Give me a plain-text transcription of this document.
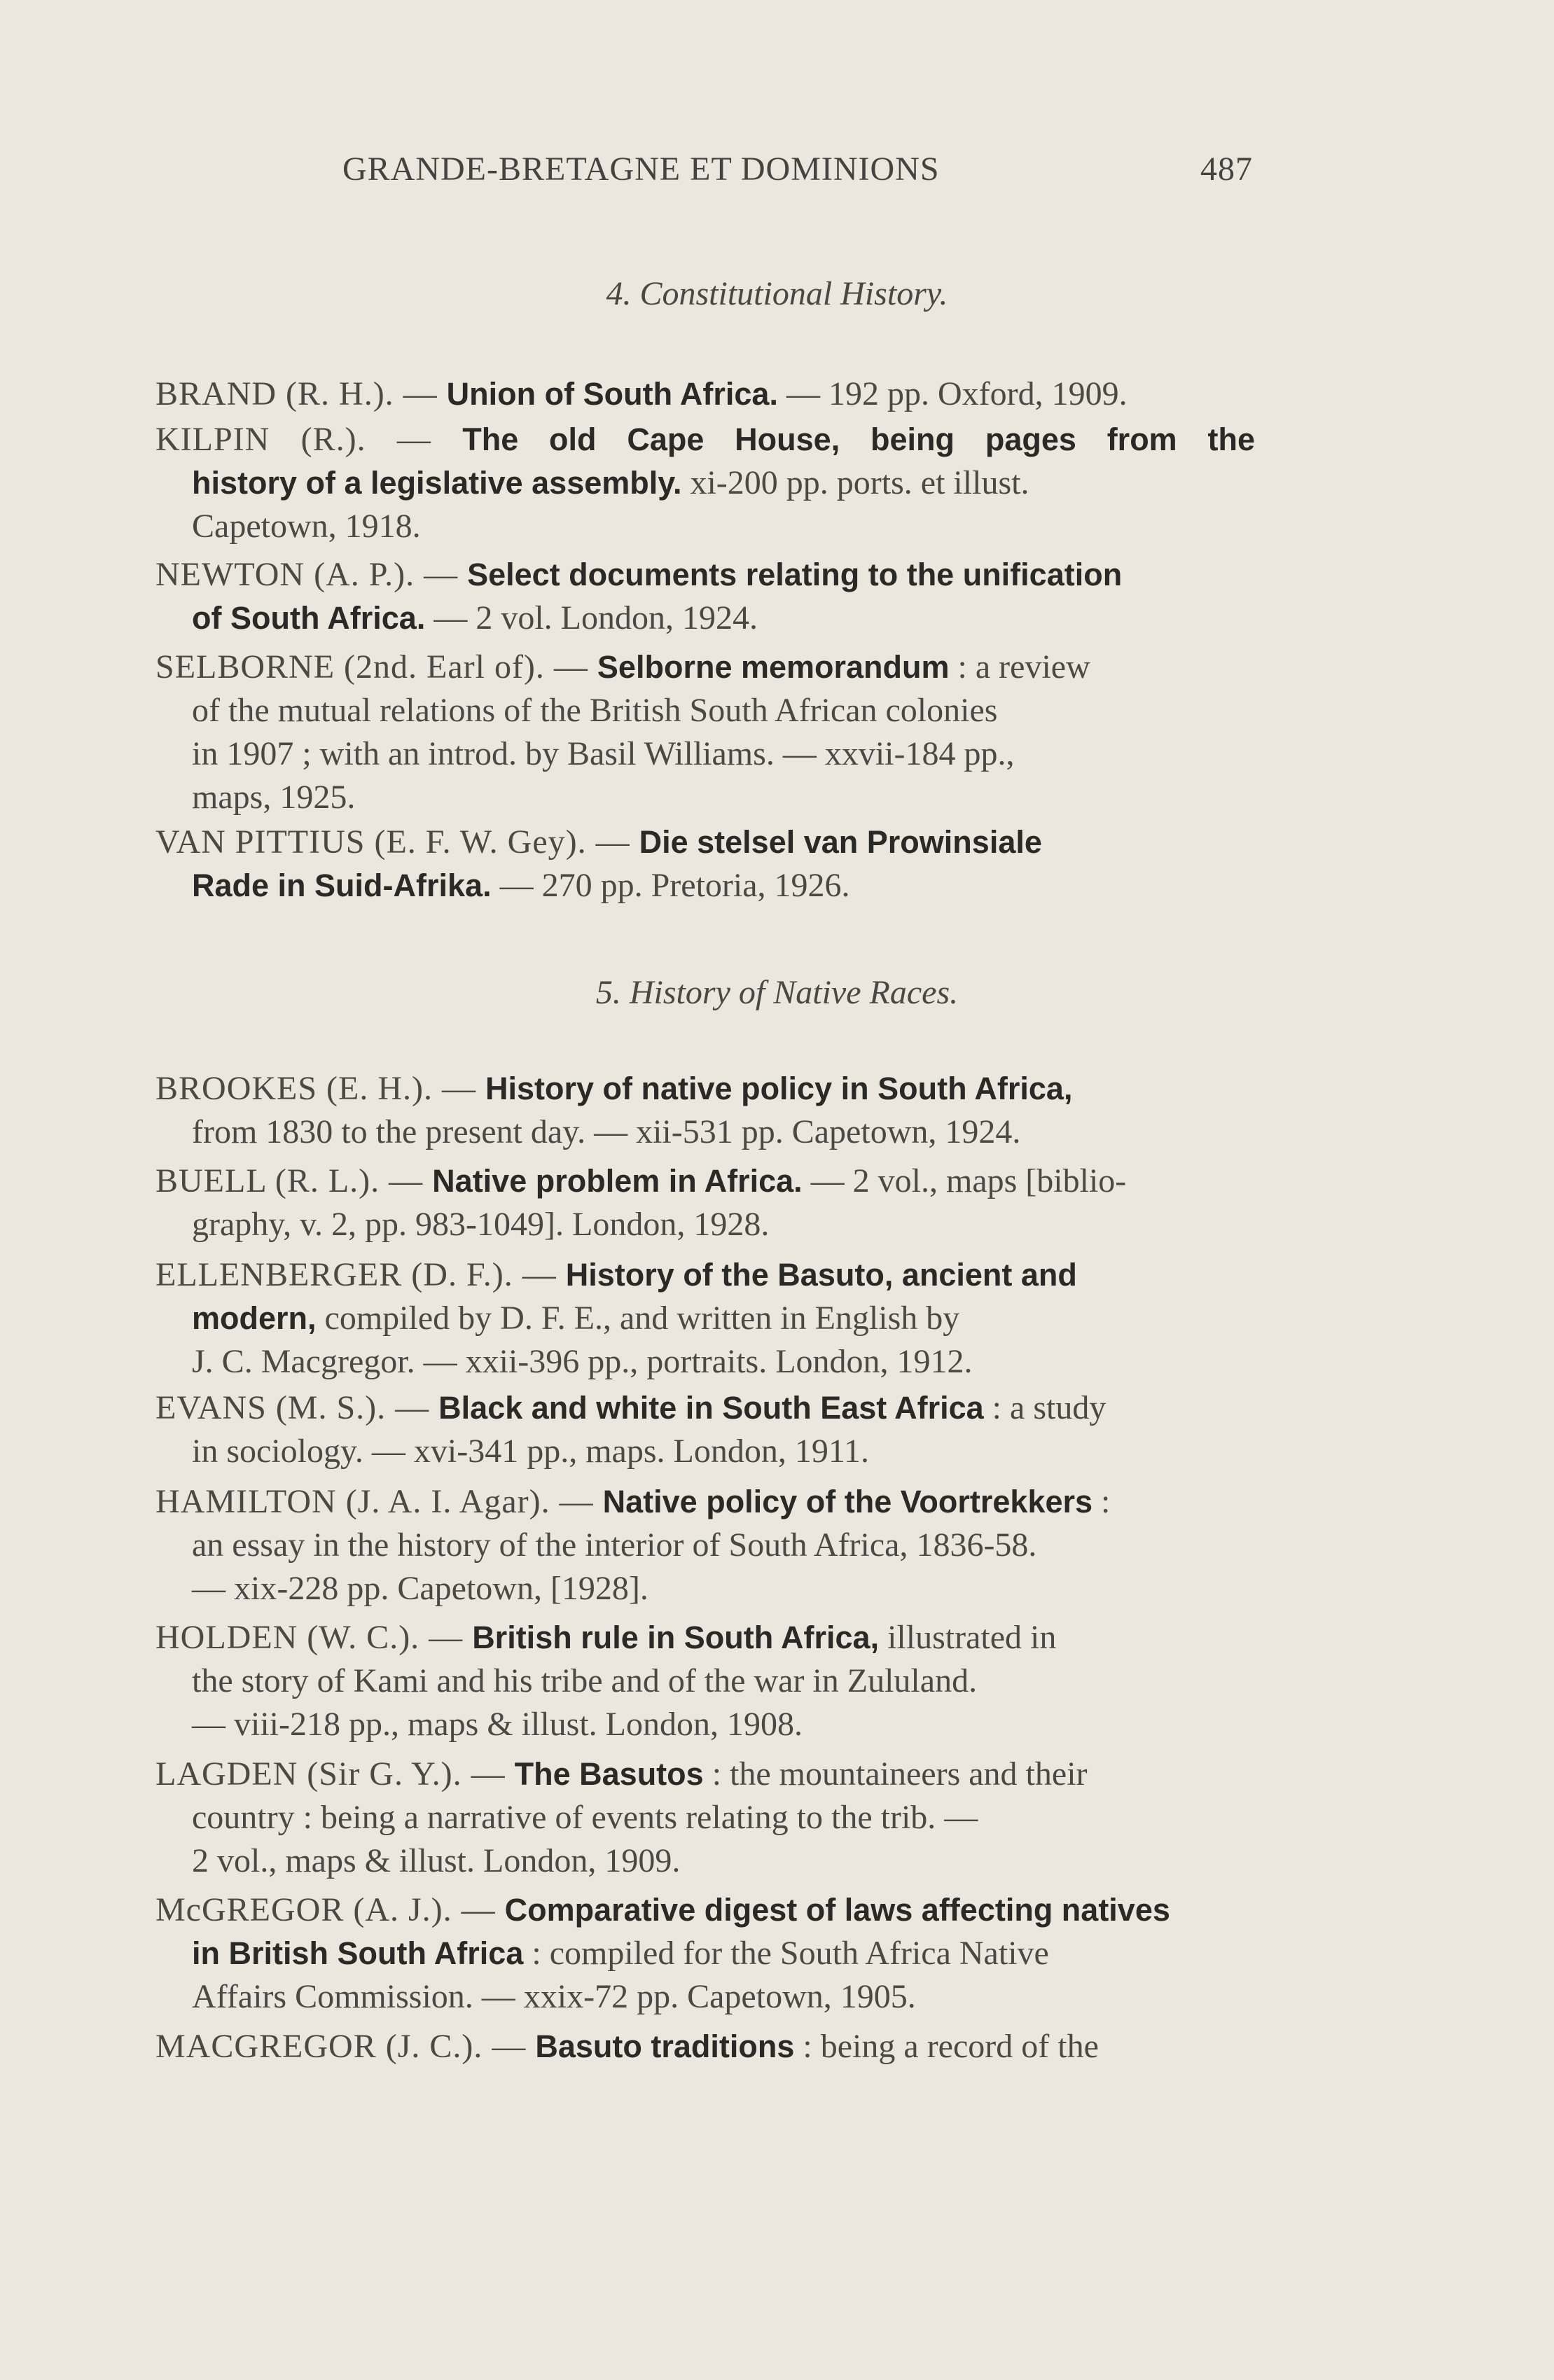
GRANDE-BRETAGNE ET DOMINIONS	487
4. Constitutional History.
BRAND (R. H.). — Union of South Africa. — 192 pp. Oxford, 1909.
KILPIN (R.). — The old Cape House, being pages from the
history of a legislative assembly. xi-200 pp. ports. et illust.
Capetown, 1918.
NEWTON (A. P.). — Select documents relating to the unification
of South Africa. — 2 vol. London, 1924.
SELBORNE (2nd. Earl of). — Selborne memorandum : a review
of the mutual relations of the British South African colonies
in 1907 ; with an introd. by Basil Williams. — xxvii-184 pp.,
maps, 1925.
VAN PITTIUS (E. F. W. Gey). — Die stelsel van Prowinsiale
Rade in Suid-Afrika. — 270 pp. Pretoria, 1926.
5. History of Native Races.
BROOKES (E. H.). — History of native policy in South Africa,
from 1830 to the present day. — xii-531 pp. Capetown, 1924.
BUELL (R. L.). — Native problem in Africa. — 2 vol., maps [biblio-
graphy, v. 2, pp. 983-1049]. London, 1928.
ELLENBERGER (D. F.). — History of the Basuto, ancient and
modern, compiled by D. F. E., and written in English by
J. C. Macgregor. — xxii-396 pp., portraits. London, 1912.
EVANS (M. S.). — Black and white in South East Africa : a study
in sociology. — xvi-341 pp., maps. London, 1911.
HAMILTON (J. A. I. Agar). — Native policy of the Voortrekkers :
an essay in the history of the interior of South Africa, 1836-58.
— xix-228 pp. Capetown, [1928].
HOLDEN (W. C.). — British rule in South Africa, illustrated in
the story of Kami and his tribe and of the war in Zululand.
— viii-218 pp., maps & illust. London, 1908.
LAGDEN (Sir G. Y.). — The Basutos : the mountaineers and their
country : being a narrative of events relating to the trib. —
2 vol., maps & illust. London, 1909.
McGREGOR (A. J.). — Comparative digest of laws affecting natives
in British South Africa : compiled for the South Africa Native
Affairs Commission. — xxix-72 pp. Capetown, 1905.
MACGREGOR (J. C.). — Basuto traditions : being a record of the
